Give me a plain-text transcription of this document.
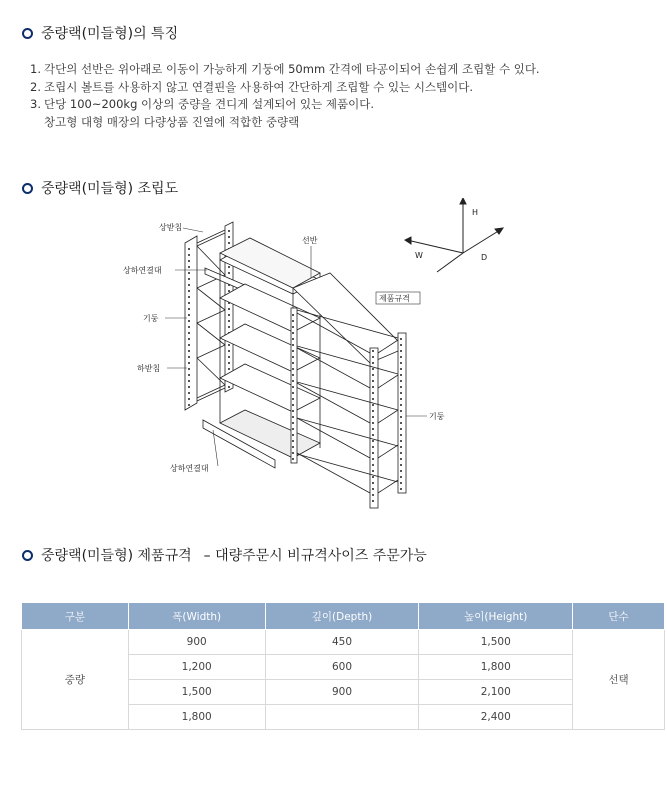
중량랙(미들형)의 특징
1. 각단의 선반은 위아래로 이동이 가능하게 기둥에 50mm 간격에 타공이되어 손쉽게 조립할 수 있다.
2. 조립시 볼트를 사용하지 않고 연결핀을 사용하여 간단하게 조립할 수 있는 시스템이다.
3. 단당 100~200kg 이상의 중량을 견디게 설계되어 있는 제품이다.
창고형 대형 매장의 다량상품 진열에 적합한 중량랙
중량랙(미들형) 조립도
상받침
상하연결대
기둥
하받침
상하연결대
선반
제품규격
기둥
H
W	D
중량랙(미들형) 제품규격 – 대량주문시 비규격사이즈 주문가능
구분	폭(Width)	깊이(Depth)	높이(Height)	단수
중량	900	450	1,500	선택
	1,200	600	1,800	
	1,500	900	2,100	
	1,800		2,400	
